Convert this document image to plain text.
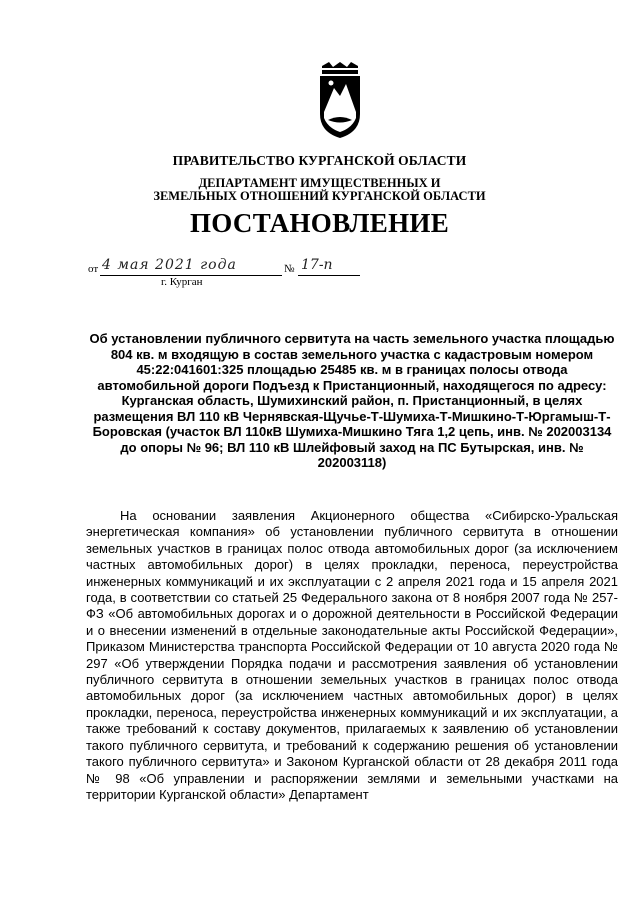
ПРАВИТЕЛЬСТВО КУРГАНСКОЙ ОБЛАСТИ
ДЕПАРТАМЕНТ ИМУЩЕСТВЕННЫХ И
ЗЕМЕЛЬНЫХ ОТНОШЕНИЙ КУРГАНСКОЙ ОБЛАСТИ
ПОСТАНОВЛЕНИЕ
от 4 мая 2021 года	№ 17-п
г. Курган
Об установлении публичного сервитута на часть земельного участка площадью 804 кв. м входящую в состав земельного участка с кадастровым номером 45:22:041601:325 площадью 25485 кв. м в границах полосы отвода автомобильной дороги Подъезд к Пристанционный, находящегося по адресу: Курганская область, Шумихинский район, п. Пристанционный, в целях размещения ВЛ 110 кВ Чернявская-Щучье-Т-Шумиха-Т-Мишкино-Т-Юргамыш-Т-Боровская (участок ВЛ 110кВ Шумиха-Мишкино Тяга 1,2 цепь, инв. № 202003134 до опоры № 96; ВЛ 110 кВ Шлейфовый заход на ПС Бутырская, инв. № 202003118)

На основании заявления Акционерного общества «Сибирско-Уральская энергетическая компания» об установлении публичного сервитута в отношении земельных участков в границах полос отвода автомобильных дорог (за исключением частных автомобильных дорог) в целях прокладки, переноса, переустройства инженерных коммуникаций и их эксплуатации с 2 апреля 2021 года и 15 апреля 2021 года, в соответствии со статьей 25 Федерального закона от 8 ноября 2007 года № 257- ФЗ «Об автомобильных дорогах и о дорожной деятельности в Российской Федерации и о внесении изменений в отдельные законодательные акты Российской Федерации», Приказом Министерства транспорта Российской Федерации от 10 августа 2020 года № 297 «Об утверждении Порядка подачи и рассмотрения заявления об установлении публичного сервитута в отношении земельных участков в границах полос отвода автомобильных дорог (за исключением частных автомобильных дорог) в целях прокладки, переноса, переустройства инженерных коммуникаций и их эксплуатации, а также требований к составу документов, прилагаемых к заявлению об установлении такого публичного сервитута, и требований к содержанию решения об установлении такого публичного сервитута» и Законом Курганской области от 28 декабря 2011 года № 98 «Об управлении и распоряжении землями и земельными участками на территории Курганской области» Департамент
